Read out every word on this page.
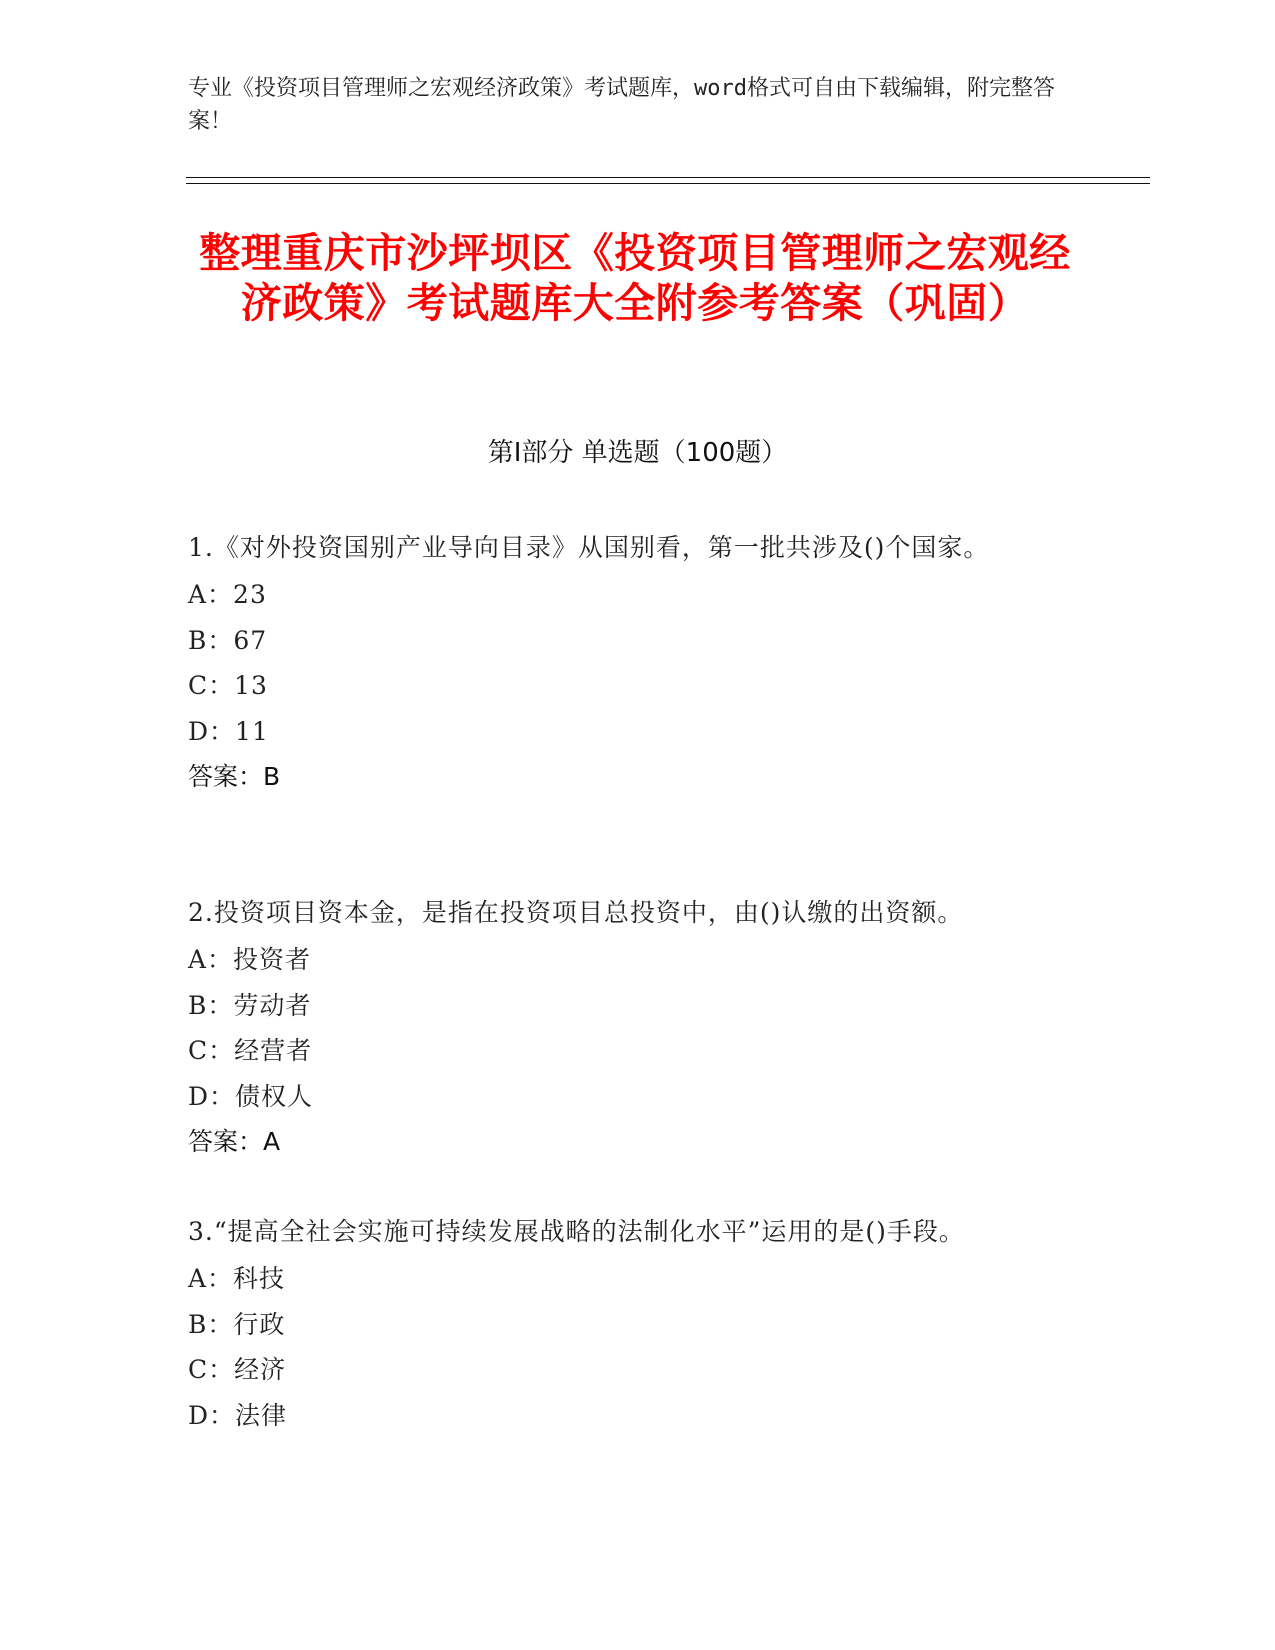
专业《投资项目管理师之宏观经济政策》考试题库，word格式可自由下载编辑，附完整答案！
整理重庆市沙坪坝区《投资项目管理师之宏观经济政策》考试题库大全附参考答案（巩固）
第Ⅰ部分 单选题（100题）

1.《对外投资国别产业导向目录》从国别看，第一批共涉及()个国家。

A：23
B：67
C：13
D：11
答案：B

2.投资项目资本金，是指在投资项目总投资中，由()认缴的出资额。

A：投资者
B：劳动者
C：经营者
D：债权人
答案：A

3.“提高全社会实施可持续发展战略的法制化水平”运用的是()手段。

A：科技
B：行政
C：经济
D：法律
